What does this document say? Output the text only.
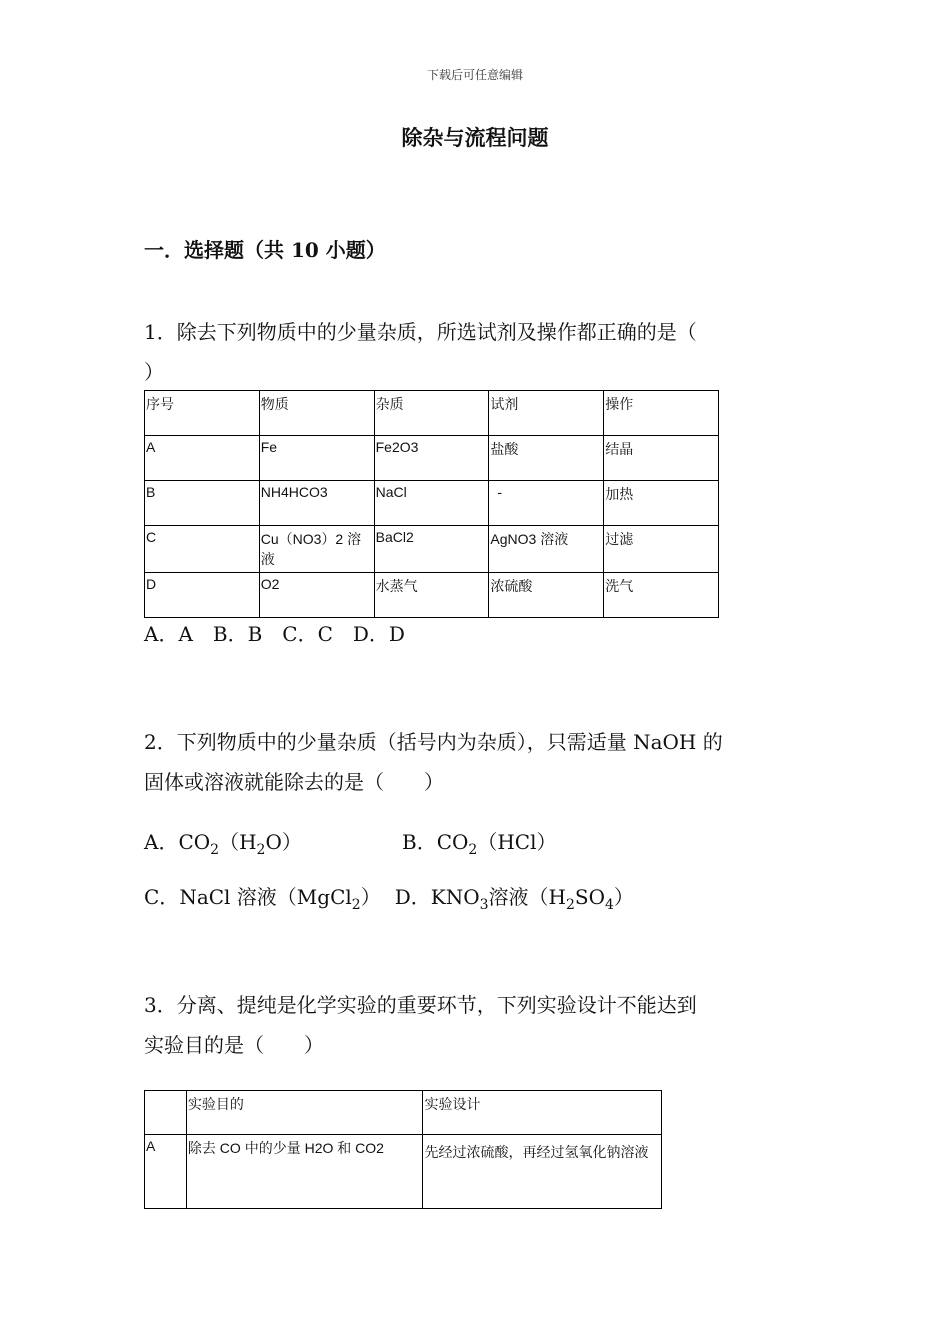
下载后可任意编辑
除杂与流程问题
一．选择题（共 10 小题）
1．除去下列物质中的少量杂质，所选试剂及操作都正确的是（
）
序号	物质	杂质	试剂	操作
A	Fe	Fe2O3	盐酸	结晶
B	NH4HCO3	NaCl	-	加热
C	Cu（NO3）2 溶液	BaCl2	AgNO3 溶液	过滤
D	O2	水蒸气	浓硫酸	洗气
A．A　B．B　C．C　D．D
2．下列物质中的少量杂质（括号内为杂质），只需适量 NaOH 的
固体或溶液就能除去的是（　　）
A．$CO_2(H_2O)$	B．$CO_2(HCl)$
C．NaCl 溶液（MgCl$_2$） D．$KNO_3$溶液$(H_2SO_4)$
3．分离、提纯是化学实验的重要环节，下列实验设计不能达到
实验目的是（　　）
	实验目的	实验设计
A	除去 CO 中的少量 H2O 和 CO2	先经过浓硫酸，再经过氢氧化钠溶液
